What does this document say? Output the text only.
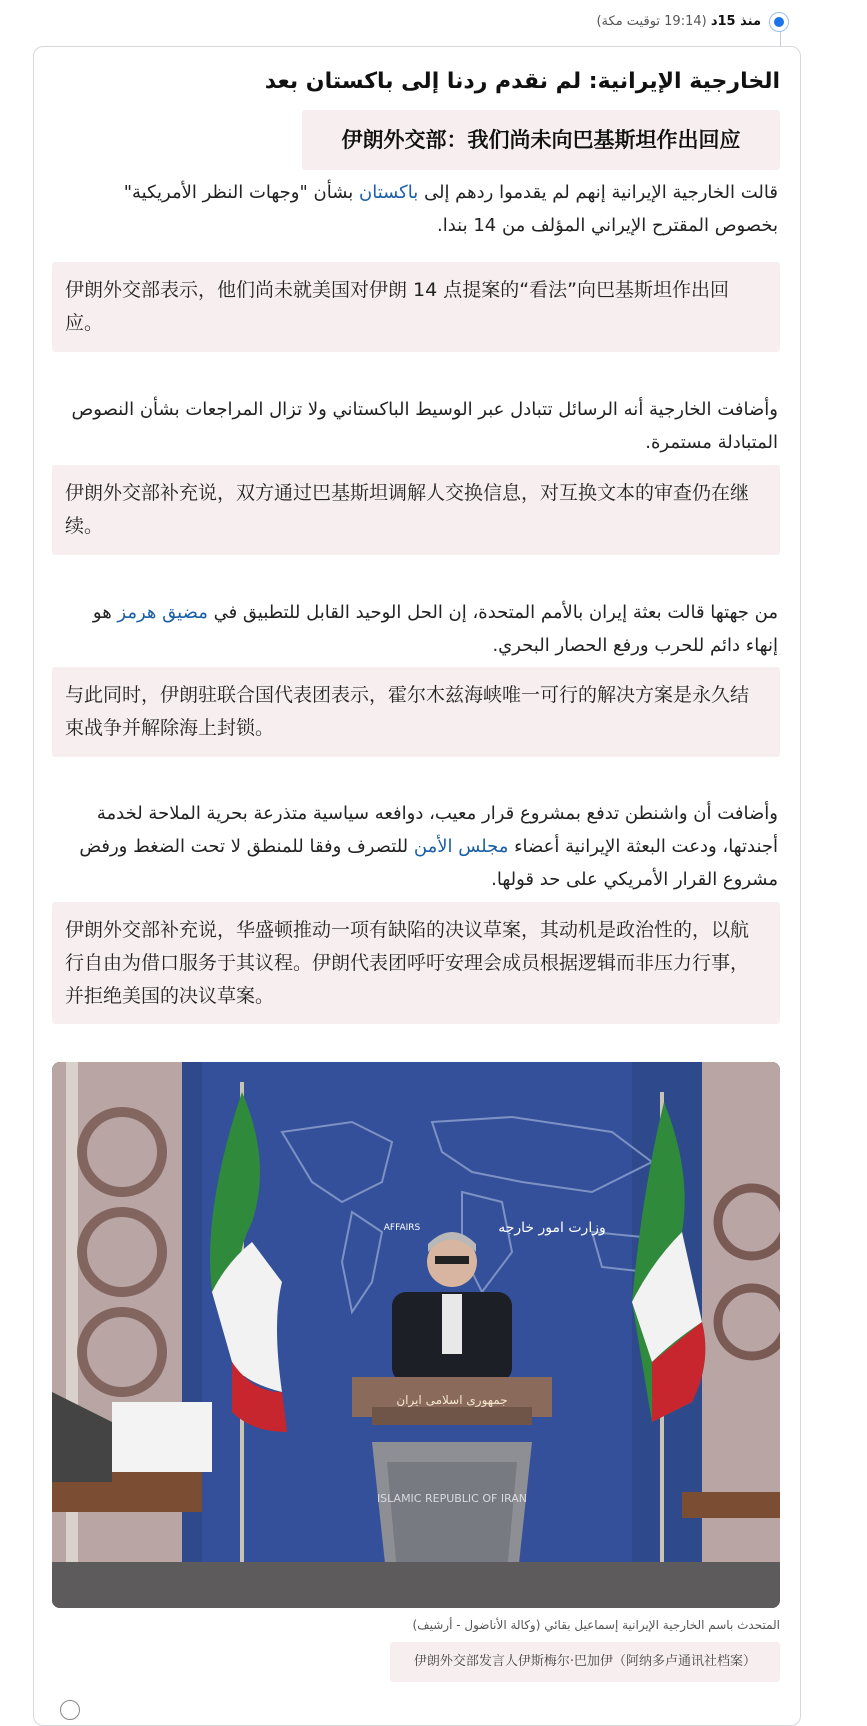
منذ 15د (19:14 توقيت مكة)
الخارجية الإيرانية: لم نقدم ردنا إلى باكستان بعد
伊朗外交部：我们尚未向巴基斯坦作出回应
قالت الخارجية الإيرانية إنهم لم يقدموا ردهم إلى باكستان بشأن "وجهات النظر الأمريكية" بخصوص المقترح الإيراني المؤلف من 14 بندا.
伊朗外交部表示，他们尚未就美国对伊朗 14 点提案的“看法”向巴基斯坦作出回应。
وأضافت الخارجية أنه الرسائل تتبادل عبر الوسيط الباكستاني ولا تزال المراجعات بشأن النصوص المتبادلة مستمرة.
伊朗外交部补充说，双方通过巴基斯坦调解人交换信息，对互换文本的审查仍在继续。
من جهتها قالت بعثة إيران بالأمم المتحدة، إن الحل الوحيد القابل للتطبيق في مضيق هرمز هو إنهاء دائم للحرب ورفع الحصار البحري.
与此同时，伊朗驻联合国代表团表示，霍尔木兹海峡唯一可行的解决方案是永久结束战争并解除海上封锁。
وأضافت أن واشنطن تدفع بمشروع قرار معيب، دوافعه سياسية متذرعة بحرية الملاحة لخدمة أجندتها، ودعت البعثة الإيرانية أعضاء مجلس الأمن للتصرف وفقا للمنطق لا تحت الضغط ورفض مشروع القرار الأمريكي على حد قولها.
伊朗外交部补充说，华盛顿推动一项有缺陷的决议草案，其动机是政治性的，以航行自由为借口服务于其议程。伊朗代表团呼吁安理会成员根据逻辑而非压力行事，并拒绝美国的决议草案。
وزارت امور خارجه
AFFAIRS
جمهوری اسلامی ایران
ISLAMIC REPUBLIC OF IRAN
المتحدث باسم الخارجية الإيرانية إسماعيل بقائي (وكالة الأناضول - أرشيف)
伊朗外交部发言人伊斯梅尔·巴加伊（阿纳多卢通讯社档案）
